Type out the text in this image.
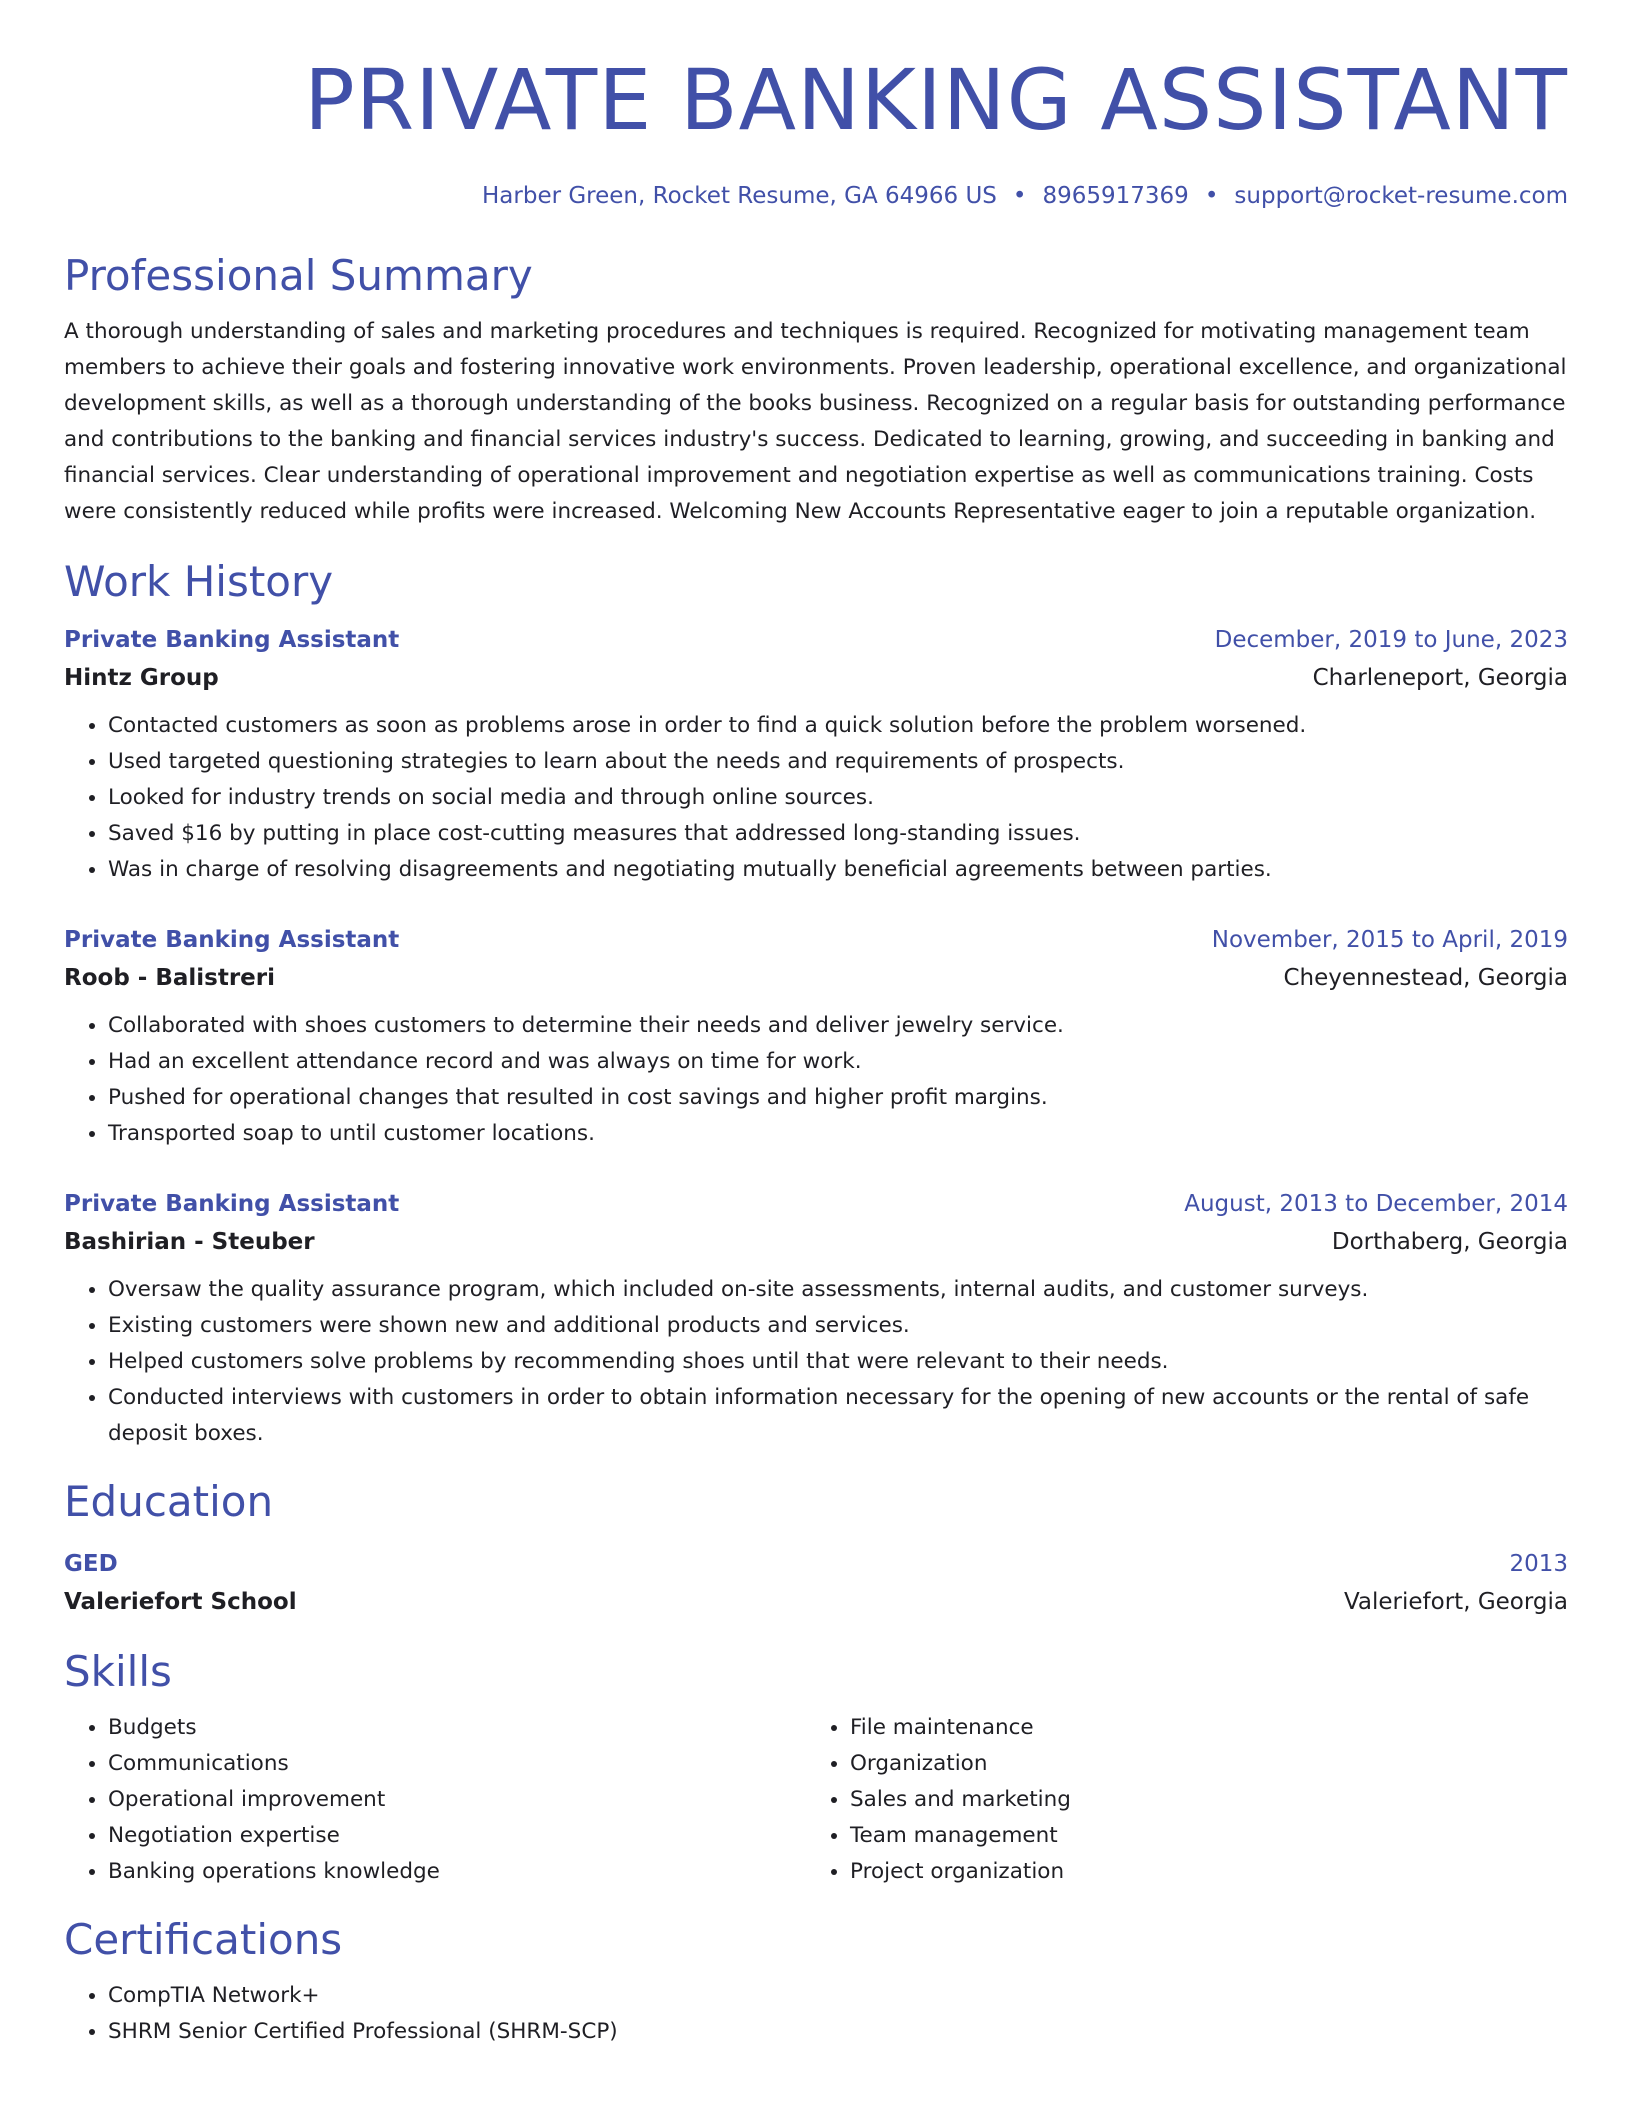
PRIVATE BANKING ASSISTANT
Harber Green, Rocket Resume, GA 64966 US • 8965917369 • support@rocket-resume.com
Professional Summary
A thorough understanding of sales and marketing procedures and techniques is required. Recognized for motivating management team members to achieve their goals and fostering innovative work environments. Proven leadership, operational excellence, and organizational development skills, as well as a thorough understanding of the books business. Recognized on a regular basis for outstanding performance and contributions to the banking and financial services industry's success. Dedicated to learning, growing, and succeeding in banking and financial services. Clear understanding of operational improvement and negotiation expertise as well as communications training. Costs were consistently reduced while profits were increased. Welcoming New Accounts Representative eager to join a reputable organization.
Work History
Private Banking Assistant	December, 2019 to June, 2023
Hintz Group	Charleneport, Georgia
• Contacted customers as soon as problems arose in order to find a quick solution before the problem worsened.
• Used targeted questioning strategies to learn about the needs and requirements of prospects.
• Looked for industry trends on social media and through online sources.
• Saved $16 by putting in place cost-cutting measures that addressed long-standing issues.
• Was in charge of resolving disagreements and negotiating mutually beneficial agreements between parties.
Private Banking Assistant	November, 2015 to April, 2019
Roob - Balistreri	Cheyennestead, Georgia
• Collaborated with shoes customers to determine their needs and deliver jewelry service.
• Had an excellent attendance record and was always on time for work.
• Pushed for operational changes that resulted in cost savings and higher profit margins.
• Transported soap to until customer locations.
Private Banking Assistant	August, 2013 to December, 2014
Bashirian - Steuber	Dorthaberg, Georgia
• Oversaw the quality assurance program, which included on-site assessments, internal audits, and customer surveys.
• Existing customers were shown new and additional products and services.
• Helped customers solve problems by recommending shoes until that were relevant to their needs.
• Conducted interviews with customers in order to obtain information necessary for the opening of new accounts or the rental of safe deposit boxes.
Education
GED	2013
Valeriefort School	Valeriefort, Georgia
Skills
• Budgets
• Communications
• Operational improvement
• Negotiation expertise
• Banking operations knowledge
• File maintenance
• Organization
• Sales and marketing
• Team management
• Project organization
Certifications
• CompTIA Network+
• SHRM Senior Certified Professional (SHRM-SCP)
